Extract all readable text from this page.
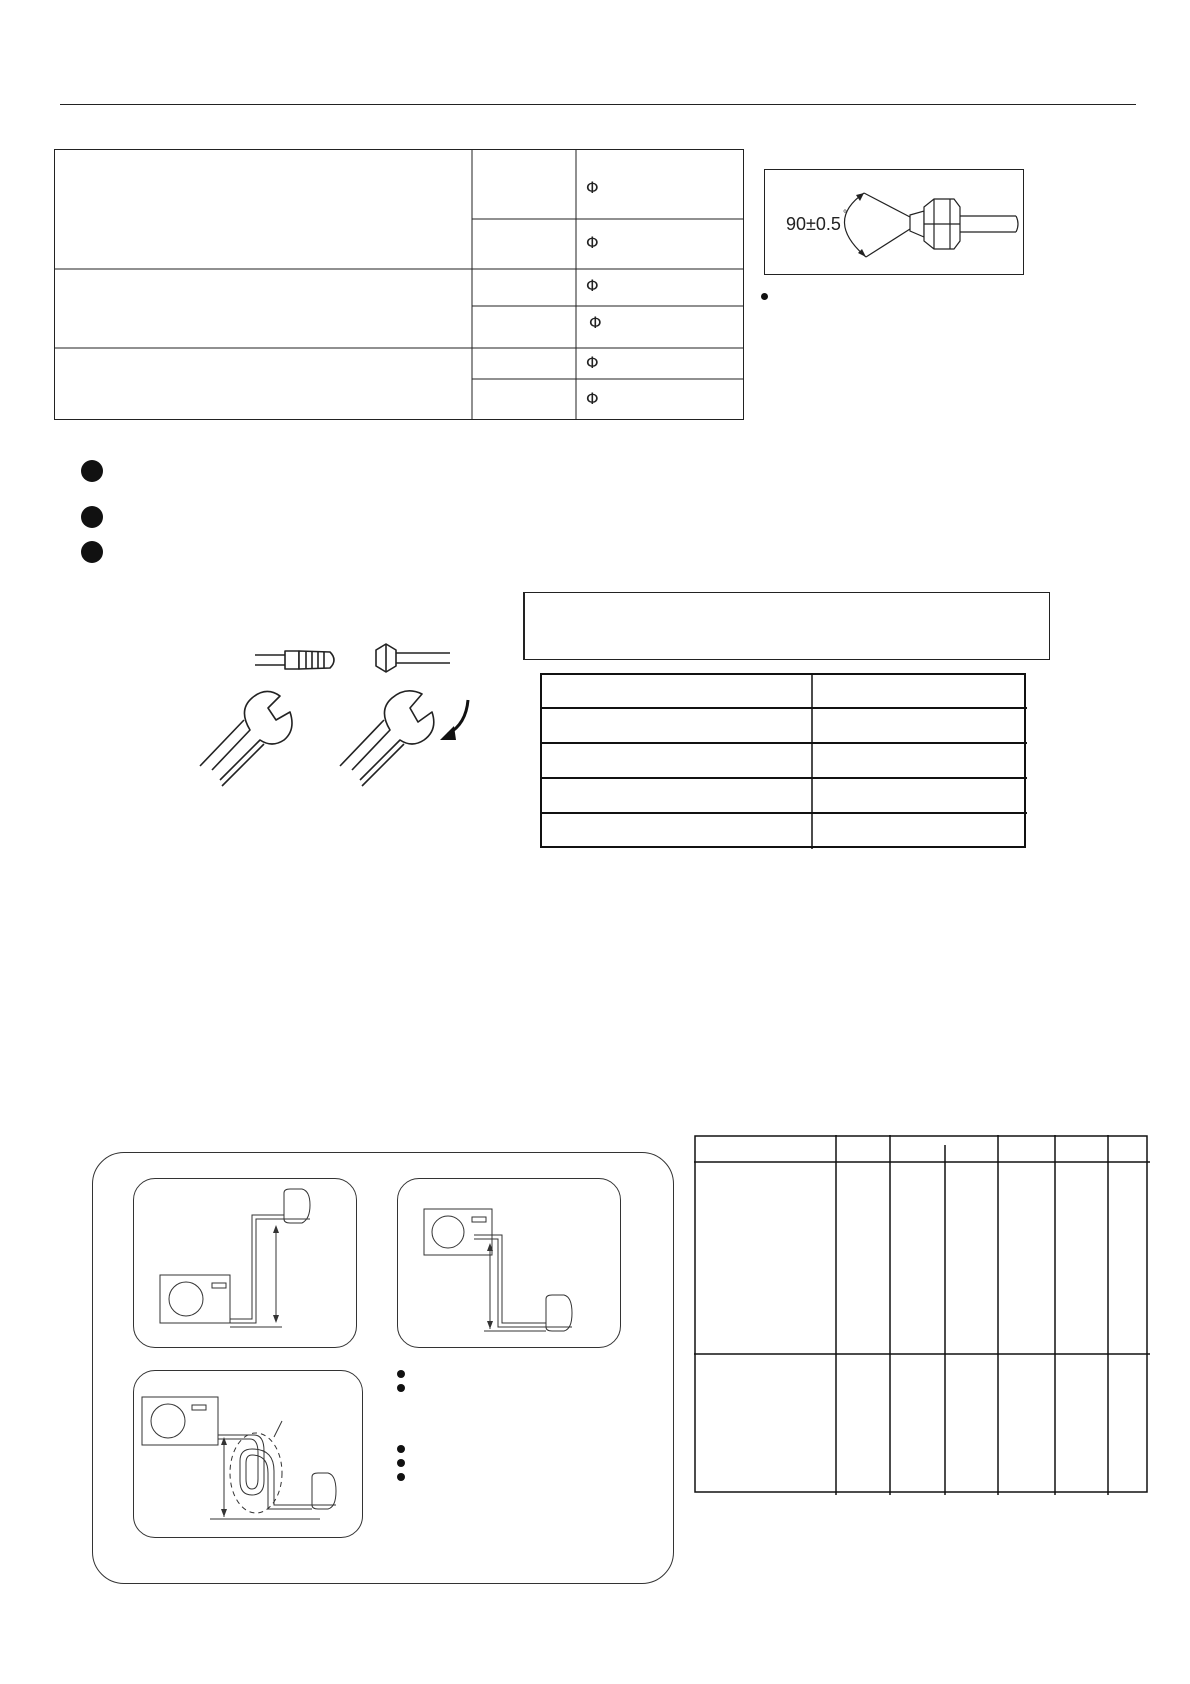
Φ
Φ
Φ
Φ
Φ
Φ
90±0.5 °
